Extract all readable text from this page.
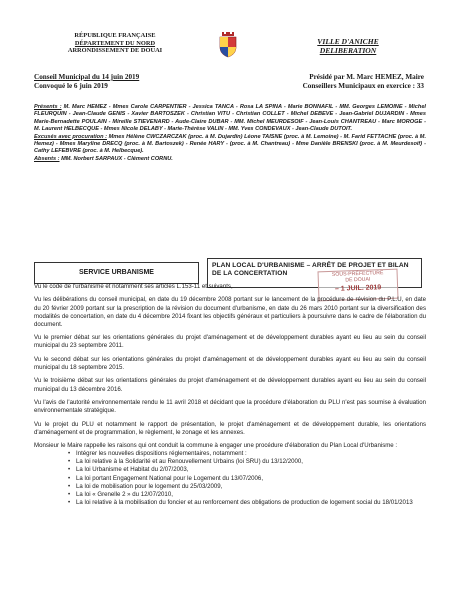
RÉPUBLIQUE FRANÇAISE
DÉPARTEMENT DU NORD
ARRONDISSEMENT DE DOUAI
VILLE D'ANICHE
DELIBERATION
Conseil Municipal du 14 juin 2019
Convoqué le 6 juin 2019
Présidé par M. Marc HEMEZ, Maire
Conseillers Municipaux en exercice : 33

Présents : M. Marc HEMEZ - Mmes Carole CARPENTIER - Jessica TANCA - Rosa LA SPINA - Marie BONNAFIL - MM. Georges LEMOINE - Michel FLEURQUIN - Jean-Claude GENIS - Xavier BARTOSZEK - Christian VITU - Christian COLLET - Michel DEBEVE - Jean-Gabriel DUJARDIN - Mmes Marie-Bernadette POULAIN - Mireille STIEVENARD - Aude-Claire DUBAR - MM. Michel MEURDESOIF - Jean-Louis CHANTREAU - Marc MOROGE - M. Laurent HELBECQUE - Mmes Nicole DELABY - Marie-Thérèse VALIN - MM. Yves CONDEVAUX - Jean-Claude DUTOIT.

Excusés avec procuration : Mmes Hélène CWCZARCZAK (proc. à M. Dujardin) Léone TAISNE (proc. à M. Lemoine) - M. Farid FETTACHE (proc. à M. Hemez) - Mmes Maryline DRECQ (proc. à M. Bartoszek) - Renée HARY - (proc. à M. Chantreau) - Mme Danièle BRENSKI (proc. à M. Meurdesoif) - Cathy LEFEBVRE (proc. à M. Helbecque).

Absents : MM. Norbert SARPAUX - Clément CORNU.

SERVICE URBANISME
PLAN LOCAL D'URBANISME – ARRÊT DE PROJET ET BILAN DE LA CONCERTATION	SOUS-PRÉFECTURE
DE DOUAI
– 1 JUIL. 2019

Vu le code de l'urbanisme et notamment ses articles L.153-11 et suivants,

Vu les délibérations du conseil municipal, en date du 19 décembre 2008 portant sur le lancement de la procédure de révision du P.L.U, en date du 20 février 2009 portant sur la prescription de la révision du document d'urbanisme, en date du 26 mars 2010 portant sur la diversification des modalités de concertation, en date du 4 décembre 2014 fixant les objectifs généraux et particuliers à poursuivre dans le cadre de l'élaboration du document.

Vu le premier débat sur les orientations générales du projet d'aménagement et de développement durables ayant eu lieu au sein du conseil municipal du 23 septembre 2011.

Vu le second débat sur les orientations générales du projet d'aménagement et de développement durables ayant eu lieu au sein du conseil municipal du 18 septembre 2015.

Vu le troisième débat sur les orientations générales du projet d'aménagement et de développement durables ayant eu lieu au sein du conseil municipal du 13 décembre 2016.

Vu l'avis de l'autorité environnementale rendu le 11 avril 2018 et décidant que la procédure d'élaboration du PLU n'est pas soumise à évaluation environnementale stratégique.

Vu le projet du PLU et notamment le rapport de présentation, le projet d'aménagement et de développement durable, les orientations d'aménagement et de programmation, le règlement, le zonage et les annexes.

Monsieur le Maire rappelle les raisons qui ont conduit la commune à engager une procédure d'élaboration du Plan Local d'Urbanisme :

• Intégrer les nouvelles dispositions réglementaires, notamment :

• La loi relative à la Solidarité et au Renouvellement Urbains (loi SRU) du 13/12/2000,

• La loi Urbanisme et Habitat du 2/07/2003,

• La loi portant Engagement National pour le Logement du 13/07/2006,

• La loi de mobilisation pour le logement du 25/03/2009,

• La loi « Grenelle 2 » du 12/07/2010,

• La loi relative à la mobilisation du foncier et au renforcement des obligations de production de logement social du 18/01/2013
